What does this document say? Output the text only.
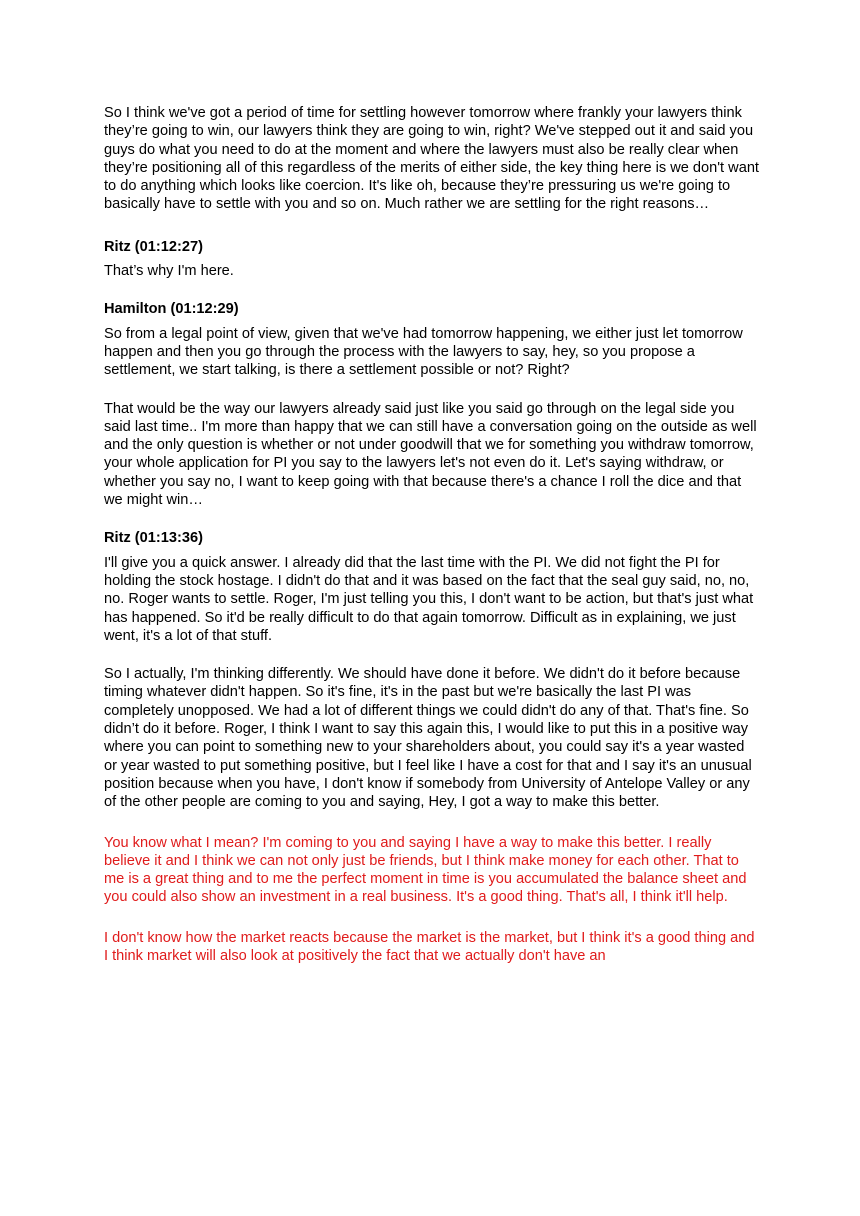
So I think we've got a period of time for settling however tomorrow where frankly your lawyers think they’re going to win, our lawyers think they are going to win, right? We've stepped out it and said you guys do what you need to do at the moment and where the lawyers must also be really clear when they’re positioning all of this regardless of the merits of either side, the key thing here is we don't want to do anything which looks like coercion. It's like oh, because they’re pressuring us we're going to basically have to settle with you and so on. Much rather we are settling for the right reasons…

Ritz (01:12:27)

That’s why I'm here.

Hamilton (01:12:29)

So from a legal point of view, given that we've had tomorrow happening, we either just let tomorrow happen and then you go through the process with the lawyers to say, hey, so you propose a settlement, we start talking, is there a settlement possible or not? Right?

That would be the way our lawyers already said just like you said go through on the legal side you said last time.. I'm more than happy that we can still have a conversation going on the outside as well and the only question is whether or not under goodwill that we for something you withdraw tomorrow, your whole application for PI you say to the lawyers let's not even do it. Let's saying withdraw, or whether you say no, I want to keep going with that because there's a chance I roll the dice and that we might win…

Ritz (01:13:36)

I'll give you a quick answer. I already did that the last time with the PI. We did not fight the PI for holding the stock hostage. I didn't do that and it was based on the fact that the seal guy said, no, no, no. Roger wants to settle. Roger, I'm just telling you this, I don't want to be action, but that's just what has happened. So it'd be really difficult to do that again tomorrow. Difficult as in explaining, we just went, it's a lot of that stuff.

So I actually, I'm thinking differently. We should have done it before. We didn't do it before because timing whatever didn't happen. So it's fine, it's in the past but we're basically the last PI was completely unopposed. We had a lot of different things we could didn't do any of that. That's fine. So didn’t do it before. Roger, I think I want to say this again this, I would like to put this in a positive way where you can point to something new to your shareholders about, you could say it's a year wasted or year wasted to put something positive, but I feel like I have a cost for that and I say it's an unusual position because when you have, I don't know if somebody from University of Antelope Valley or any of the other people are coming to you and saying, Hey, I got a way to make this better.

You know what I mean? I'm coming to you and saying I have a way to make this better. I really believe it and I think we can not only just be friends, but I think make money for each other. That to me is a great thing and to me the perfect moment in time is you accumulated the balance sheet and you could also show an investment in a real business. It's a good thing. That's all, I think it'll help.

I don't know how the market reacts because the market is the market, but I think it's a good thing and I think market will also look at positively the fact that we actually don't have an
